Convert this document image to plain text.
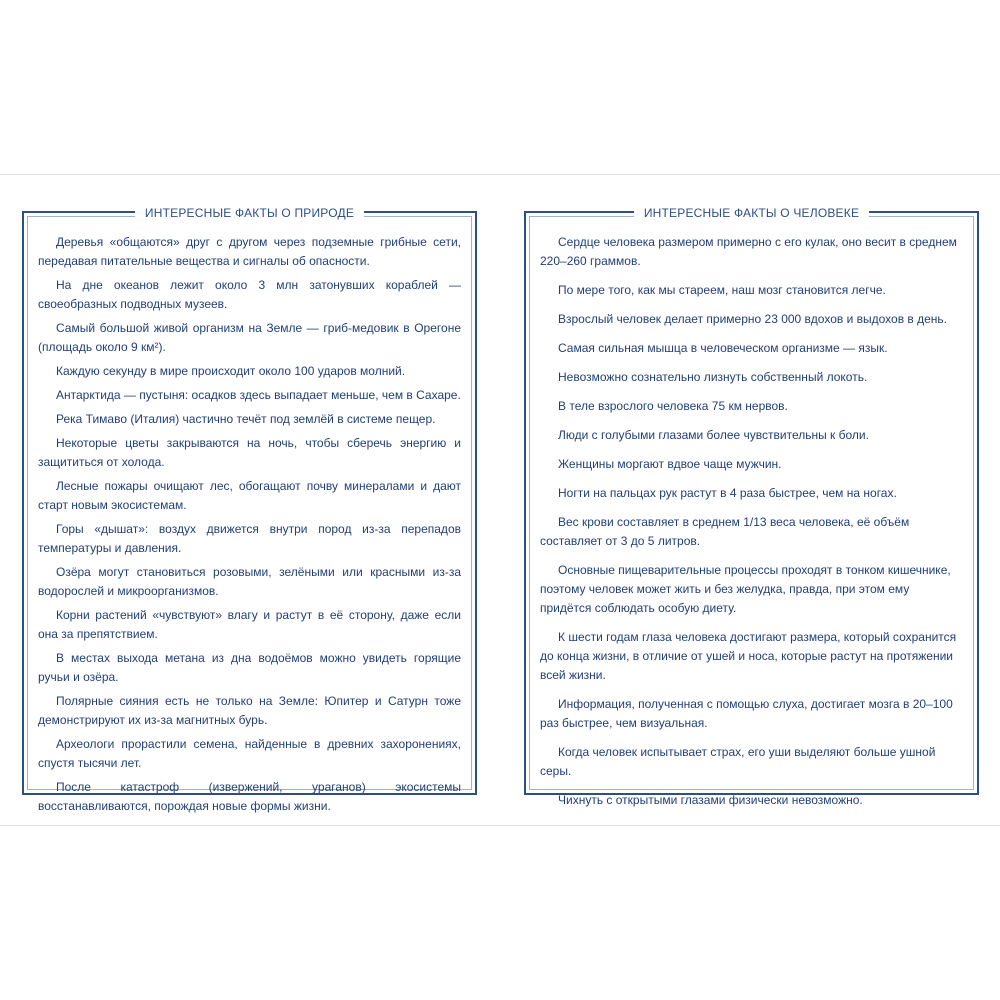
ИНТЕРЕСНЫЕ ФАКТЫ О ПРИРОДЕ
Деревья «общаются» друг с другом через подземные грибные сети, передавая питательные вещества и сигналы об опасности.
На дне океанов лежит около 3 млн затонувших кораблей — своеобразных подводных музеев.
Самый большой живой организм на Земле — гриб-медовик в Орегоне (площадь около 9 км²).
Каждую секунду в мире происходит около 100 ударов молний.
Антарктида — пустыня: осадков здесь выпадает меньше, чем в Сахаре.
Река Тимаво (Италия) частично течёт под землёй в системе пещер.
Некоторые цветы закрываются на ночь, чтобы сберечь энергию и защититься от холода.
Лесные пожары очищают лес, обогащают почву минералами и дают старт новым экосистемам.
Горы «дышат»: воздух движется внутри пород из-за перепадов температуры и давления.
Озёра могут становиться розовыми, зелёными или красными из-за водорослей и микроорганизмов.
Корни растений «чувствуют» влагу и растут в её сторону, даже если она за препятствием.
В местах выхода метана из дна водоёмов можно увидеть горящие ручьи и озёра.
Полярные сияния есть не только на Земле: Юпитер и Сатурн тоже демонстрируют их из-за магнитных бурь.
Археологи прорастили семена, найденные в древних захоронениях, спустя тысячи лет.
После катастроф (извержений, ураганов) экосистемы восстанавливаются, порождая новые формы жизни.
ИНТЕРЕСНЫЕ ФАКТЫ О ЧЕЛОВЕКЕ
Сердце человека размером примерно с его кулак, оно весит в среднем 220–260 граммов.
По мере того, как мы стареем, наш мозг становится легче.
Взрослый человек делает примерно 23 000 вдохов и выдохов в день.
Самая сильная мышца в человеческом организме — язык.
Невозможно сознательно лизнуть собственный локоть.
В теле взрослого человека 75 км нервов.
Люди с голубыми глазами более чувствительны к боли.
Женщины моргают вдвое чаще мужчин.
Ногти на пальцах рук растут в 4 раза быстрее, чем на ногах.
Вес крови составляет в среднем 1/13 веса человека, её объём составляет от 3 до 5 литров.
Основные пищеварительные процессы проходят в тонком кишечнике, поэтому человек может жить и без желудка, правда, при этом ему придётся соблюдать особую диету.
К шести годам глаза человека достигают размера, который сохранится до конца жизни, в отличие от ушей и носа, которые растут на протяжении всей жизни.
Информация, полученная с помощью слуха, достигает мозга в 20–100 раз быстрее, чем визуальная.
Когда человек испытывает страх, его уши выделяют больше ушной серы.
Чихнуть с открытыми глазами физически невозможно.
